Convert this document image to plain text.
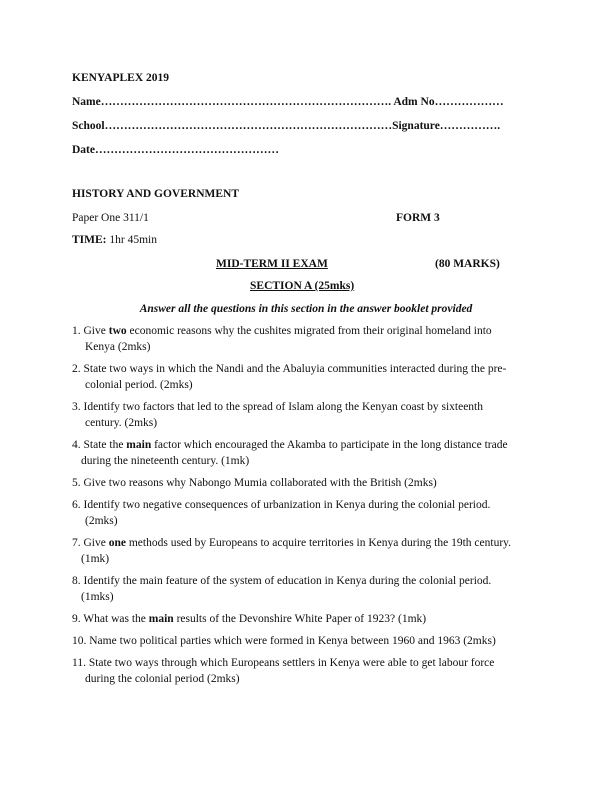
KENYAPLEX 2019
Name…………………………………………………………………. Adm No………………
School…………………………………………………………………Signature…………….
Date…………………………………………
HISTORY AND GOVERNMENT
Paper One 311/1	FORM 3
TIME: 1hr 45min
MID-TERM II EXAM	(80 MARKS)
SECTION A (25mks)
Answer all the questions in this section in the answer booklet provided
1. Give two economic reasons why the cushites migrated from their original homeland into
Kenya (2mks)
2. State two ways in which the Nandi and the Abaluyia communities interacted during the pre-
colonial period. (2mks)
3. Identify two factors that led to the spread of Islam along the Kenyan coast by sixteenth
century. (2mks)
4. State the main factor which encouraged the Akamba to participate in the long distance trade
during the nineteenth century. (1mk)
5. Give two reasons why Nabongo Mumia collaborated with the British (2mks)
6. Identify two negative consequences of urbanization in Kenya during the colonial period.
(2mks)
7. Give one methods used by Europeans to acquire territories in Kenya during the 19th century.
(1mk)
8. Identify the main feature of the system of education in Kenya during the colonial period.
(1mks)
9. What was the main results of the Devonshire White Paper of 1923? (1mk)
10. Name two political parties which were formed in Kenya between 1960 and 1963 (2mks)
11. State two ways through which Europeans settlers in Kenya were able to get labour force
during the colonial period (2mks)
